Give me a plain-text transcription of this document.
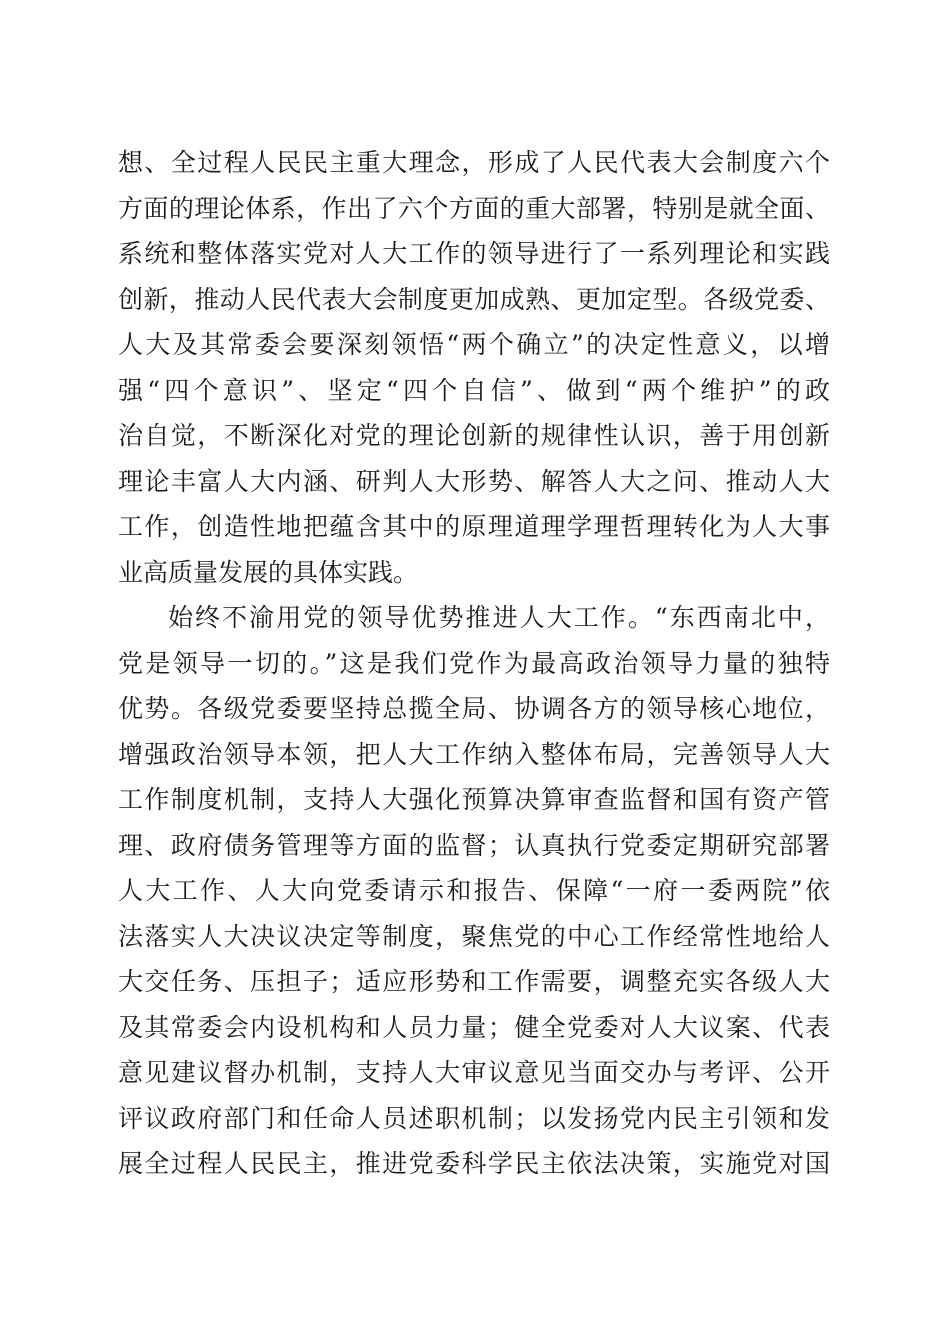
想、全过程人民民主重大理念，形成了人民代表大会制度六个
方面的理论体系，作出了六个方面的重大部署，特别是就全面、
系统和整体落实党对人大工作的领导进行了一系列理论和实践
创新，推动人民代表大会制度更加成熟、更加定型。各级党委、
人大及其常委会要深刻领悟“两个确立”的决定性意义，以增
强“四个意识”、坚定“四个自信”、做到“两个维护”的政
治自觉，不断深化对党的理论创新的规律性认识，善于用创新
理论丰富人大内涵、研判人大形势、解答人大之问、推动人大
工作，创造性地把蕴含其中的原理道理学理哲理转化为人大事
业高质量发展的具体实践。
始终不渝用党的领导优势推进人大工作。“东西南北中，
党是领导一切的。”这是我们党作为最高政治领导力量的独特
优势。各级党委要坚持总揽全局、协调各方的领导核心地位，
增强政治领导本领，把人大工作纳入整体布局，完善领导人大
工作制度机制，支持人大强化预算决算审查监督和国有资产管
理、政府债务管理等方面的监督；认真执行党委定期研究部署
人大工作、人大向党委请示和报告、保障“一府一委两院”依
法落实人大决议决定等制度，聚焦党的中心工作经常性地给人
大交任务、压担子；适应形势和工作需要，调整充实各级人大
及其常委会内设机构和人员力量；健全党委对人大议案、代表
意见建议督办机制，支持人大审议意见当面交办与考评、公开
评议政府部门和任命人员述职机制；以发扬党内民主引领和发
展全过程人民民主，推进党委科学民主依法决策，实施党对国
